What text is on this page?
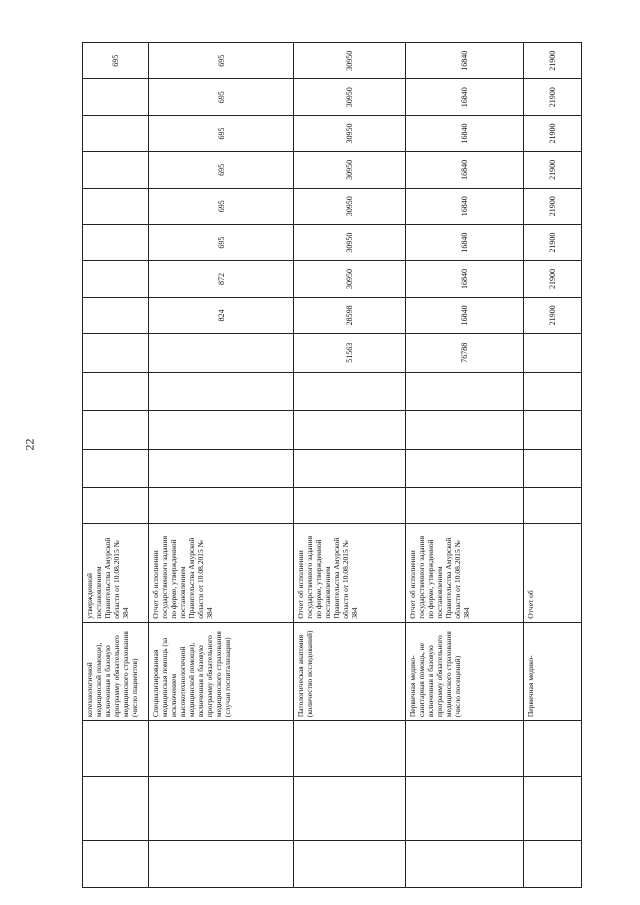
22
			котехнологичной медицинской помощи), включенная в базовую программу обязательного медицинского страхования (число пациентов)	утвержденной постановлением Правительства Амурской области от 10.08.2015 № 384													695
			Специализированная медицинская помощь (за исключением высокотехнологичной медицинской помощи), включенная в базовую программу обязательного медицинского страхования (случаи госпитализации)	Отчет об исполнении государственного задания по форме, утвержденной постановлением Правительства Амурской области от 10.08.2015 № 384						824	872	695	695	695	695	695	695
			Патологическая анатомия (количество исследований)	Отчет об исполнении государственного задания по форме, утвержденной постановлением Правительства Амурской области от 10.08.2015 № 384					51563	28598	30950	30950	30950	30950	30950	30950	30950
			Первичная медико-санитарная помощь, не включенная в базовую программу обязательного медицинского страхования (число посещений)	Отчет об исполнении государственного задания по форме, утвержденной постановлением Правительства Амурской области от 10.08.2015 № 384					76788	16840	16840	16840	16840	16840	16840	16840	16840
			Первичная медико-	Отчет об						21900	21900	21900	21900	21900	21900	21900	21900
